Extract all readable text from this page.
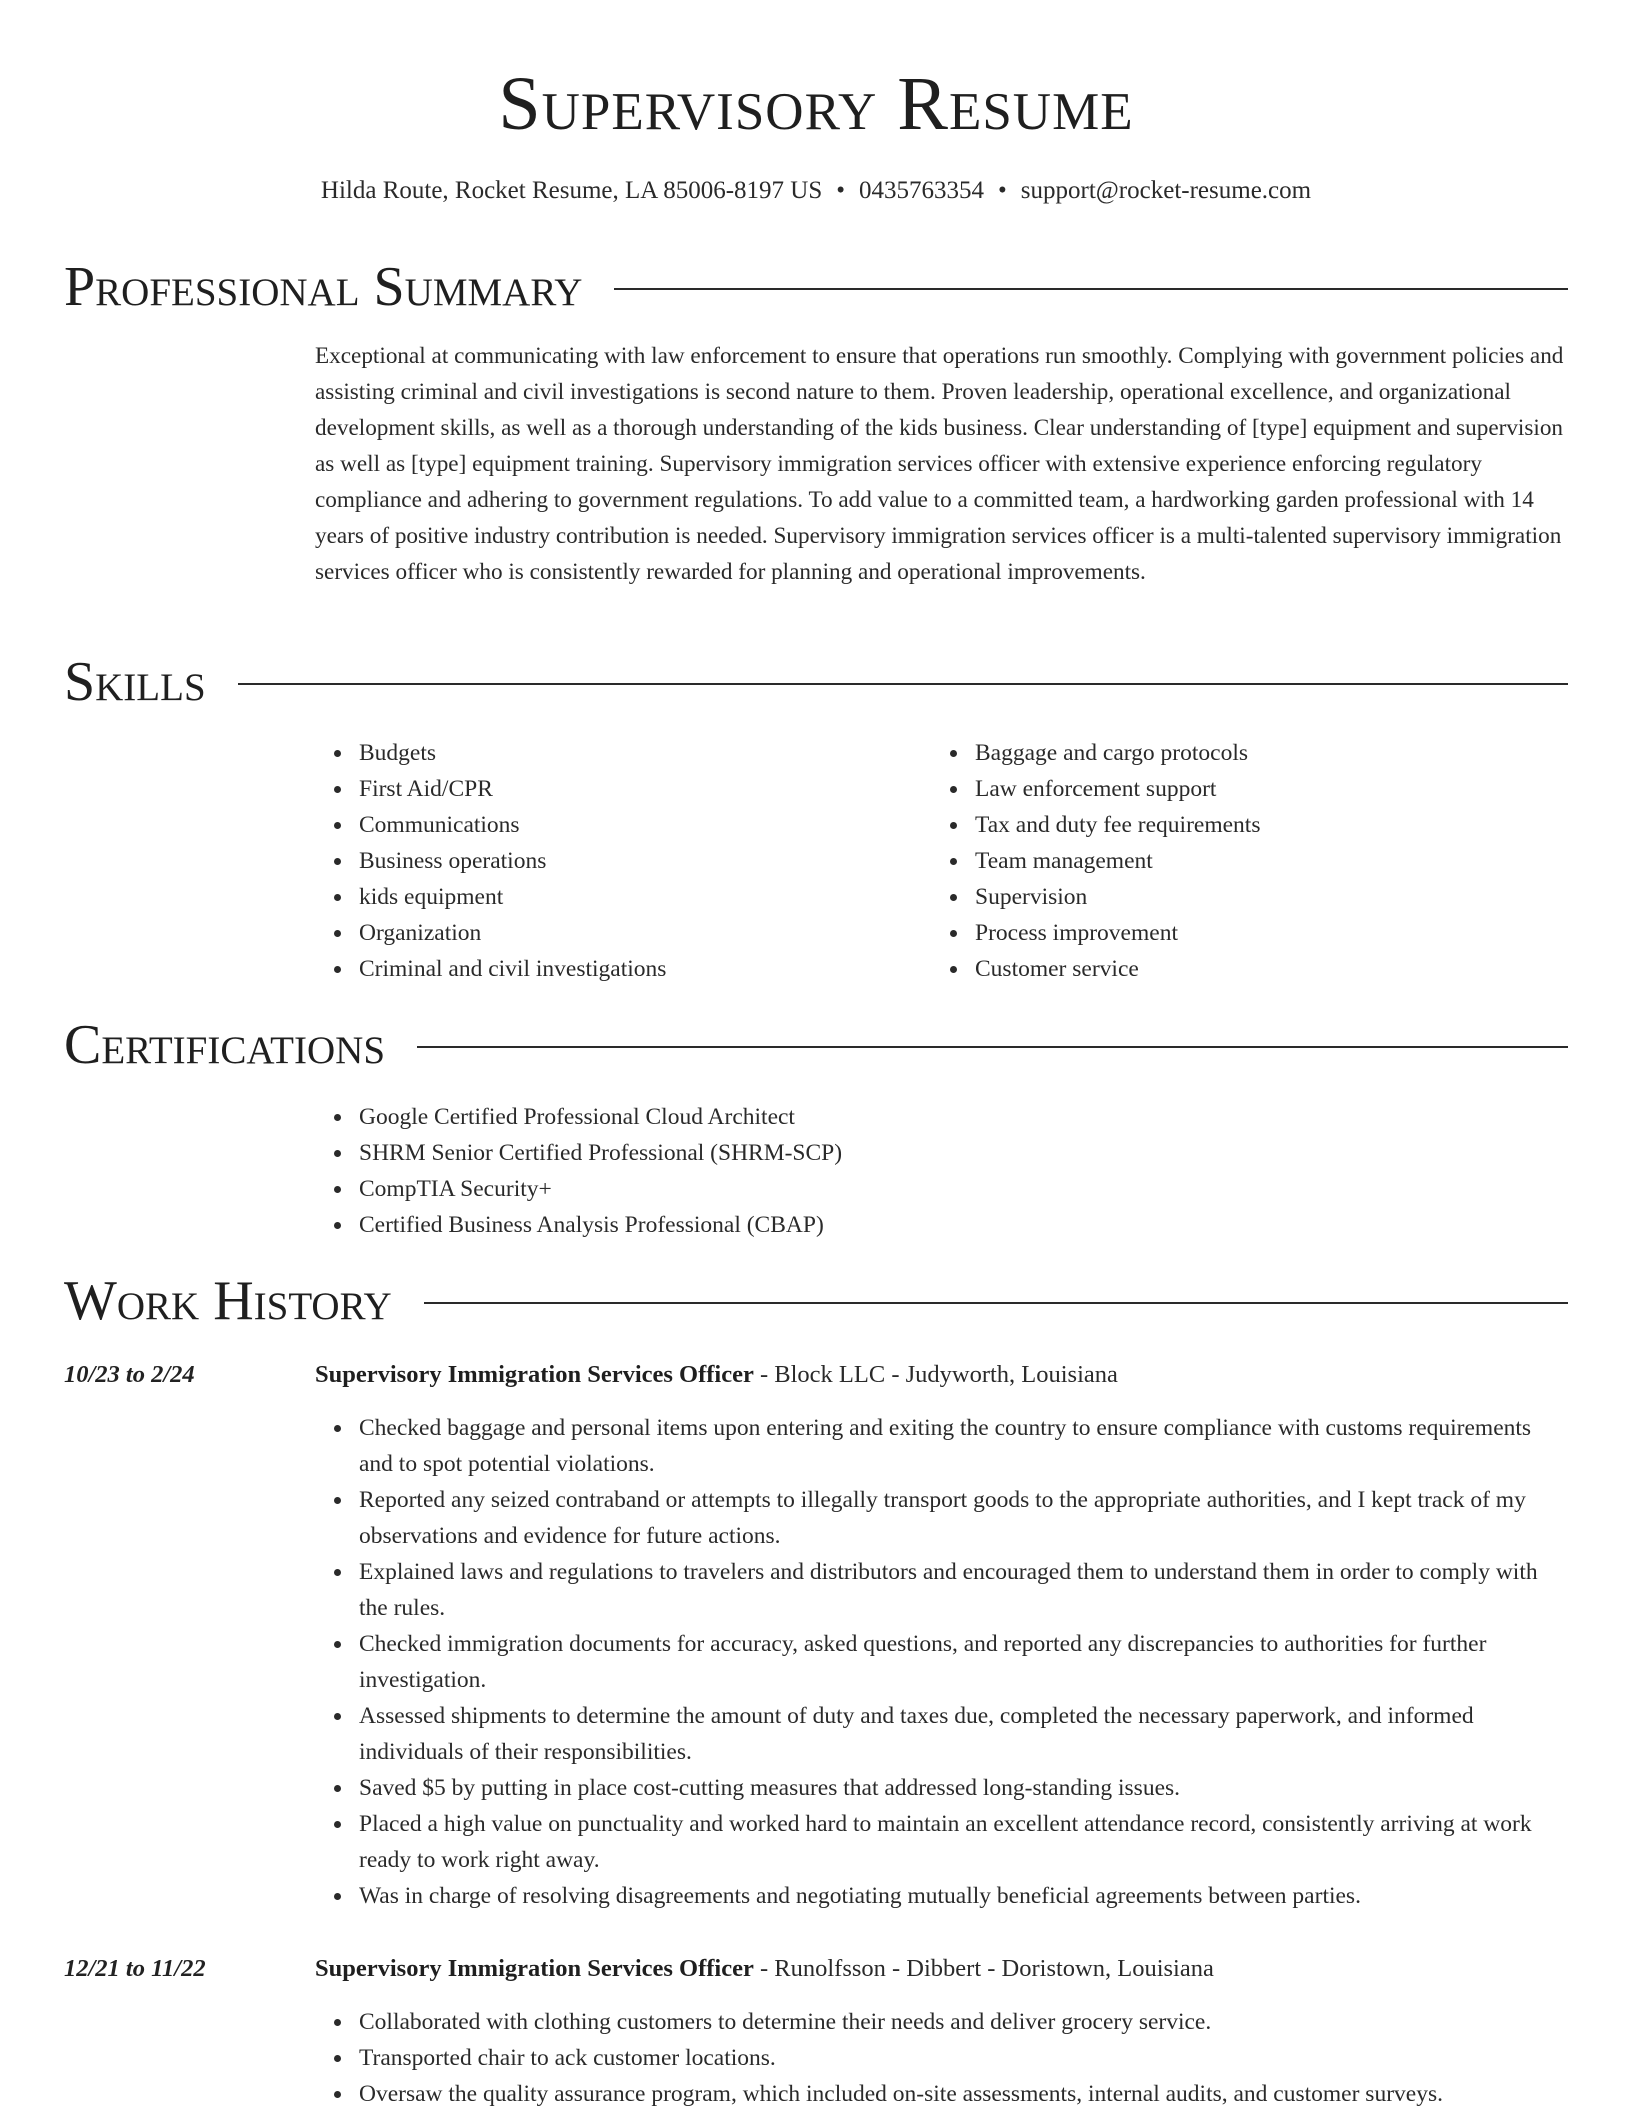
Supervisory Resume
Hilda Route, Rocket Resume, LA 85006-8197 US • 0435763354 • support@rocket-resume.com
Professional Summary

Exceptional at communicating with law enforcement to ensure that operations run smoothly. Complying with government policies and assisting criminal and civil investigations is second nature to them. Proven leadership, operational excellence, and organizational development skills, as well as a thorough understanding of the kids business. Clear understanding of [type] equipment and supervision as well as [type] equipment training. Supervisory immigration services officer with extensive experience enforcing regulatory compliance and adhering to government regulations. To add value to a committed team, a hardworking garden professional with 14 years of positive industry contribution is needed. Supervisory immigration services officer is a multi-talented supervisory immigration services officer who is consistently rewarded for planning and operational improvements.

Skills
Budgets
First Aid/CPR
Communications
Business operations
kids equipment
Organization
Criminal and civil investigations
Baggage and cargo protocols
Law enforcement support
Tax and duty fee requirements
Team management
Supervision
Process improvement
Customer service
Certifications
Google Certified Professional Cloud Architect
SHRM Senior Certified Professional (SHRM-SCP)
CompTIA Security+
Certified Business Analysis Professional (CBAP)
Work History
10/23 to 2/24	Supervisory Immigration Services Officer - Block LLC - Judyworth, Louisiana
Checked baggage and personal items upon entering and exiting the country to ensure compliance with customs requirements and to spot potential violations.
Reported any seized contraband or attempts to illegally transport goods to the appropriate authorities, and I kept track of my observations and evidence for future actions.
Explained laws and regulations to travelers and distributors and encouraged them to understand them in order to comply with the rules.
Checked immigration documents for accuracy, asked questions, and reported any discrepancies to authorities for further investigation.
Assessed shipments to determine the amount of duty and taxes due, completed the necessary paperwork, and informed individuals of their responsibilities.
Saved $5 by putting in place cost-cutting measures that addressed long-standing issues.
Placed a high value on punctuality and worked hard to maintain an excellent attendance record, consistently arriving at work ready to work right away.
Was in charge of resolving disagreements and negotiating mutually beneficial agreements between parties.
12/21 to 11/22	Supervisory Immigration Services Officer - Runolfsson - Dibbert - Doristown, Louisiana
Collaborated with clothing customers to determine their needs and deliver grocery service.
Transported chair to ack customer locations.
Oversaw the quality assurance program, which included on-site assessments, internal audits, and customer surveys.
